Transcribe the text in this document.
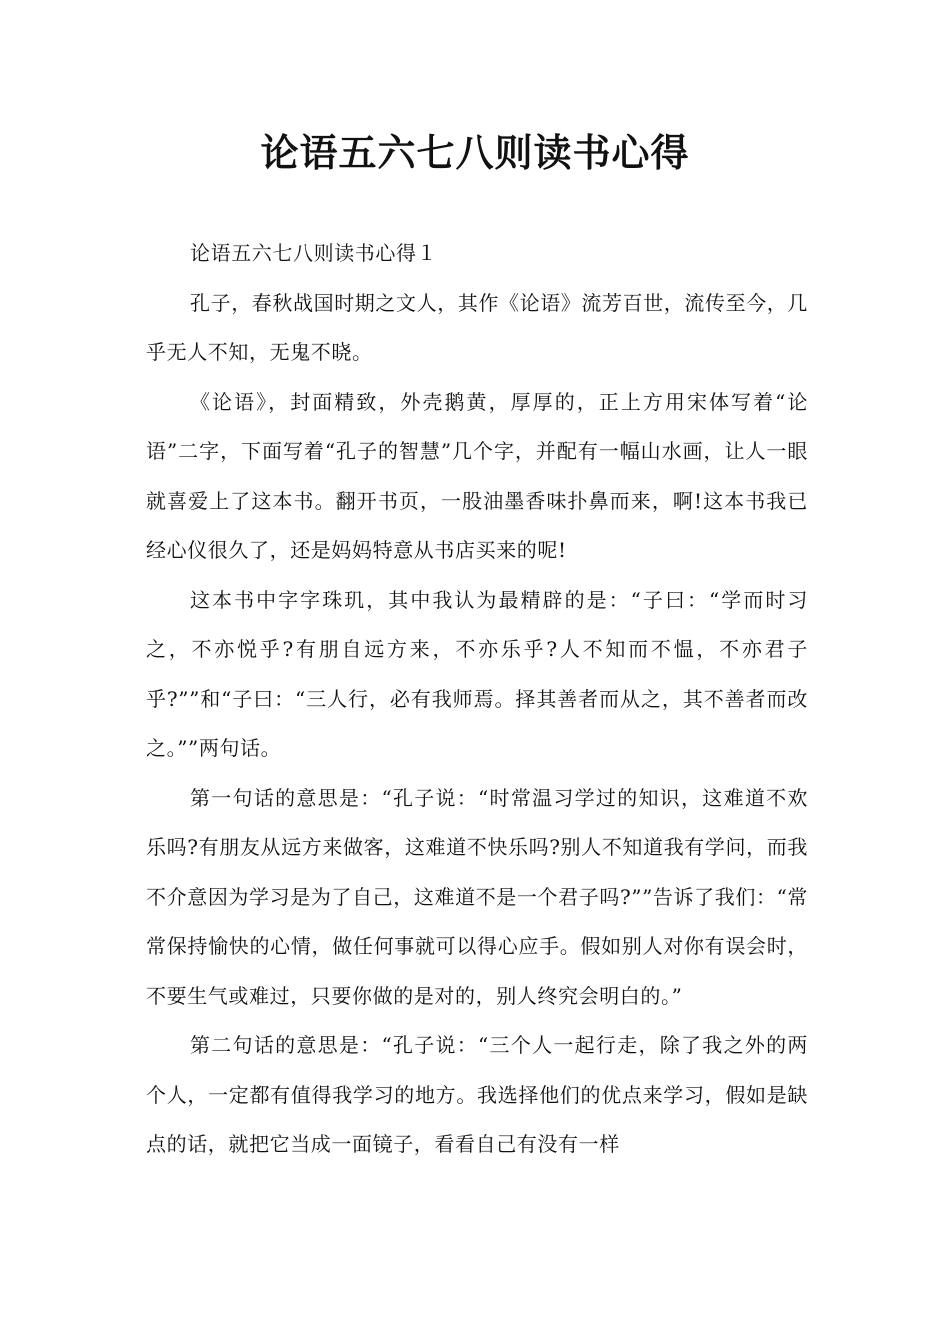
论语五六七八则读书心得

论语五六七八则读书心得１

孔子，春秋战国时期之文人，其作《论语》流芳百世，流传至今，几乎无人不知，无鬼不晓。

《论语》，封面精致，外壳鹅黄，厚厚的，正上方用宋体写着“论语”二字，下面写着“孔子的智慧”几个字，并配有一幅山水画，让人一眼就喜爱上了这本书。翻开书页，一股油墨香味扑鼻而来，啊!这本书我已经心仪很久了，还是妈妈特意从书店买来的呢!

这本书中字字珠玑，其中我认为最精辟的是：“子曰：“学而时习之，不亦悦乎?有朋自远方来，不亦乐乎?人不知而不愠，不亦君子乎?””和“子曰：“三人行，必有我师焉。择其善者而从之，其不善者而改之。””两句话。

第一句话的意思是：“孔子说：“时常温习学过的知识，这难道不欢乐吗?有朋友从远方来做客，这难道不快乐吗?别人不知道我有学问，而我不介意因为学习是为了自己，这难道不是一个君子吗?””告诉了我们：“常常保持愉快的心情，做任何事就可以得心应手。假如别人对你有误会时，不要生气或难过，只要你做的是对的，别人终究会明白的。”

第二句话的意思是：“孔子说：“三个人一起行走，除了我之外的两个人，一定都有值得我学习的地方。我选择他们的优点来学习，假如是缺点的话，就把它当成一面镜子，看看自己有没有一样
